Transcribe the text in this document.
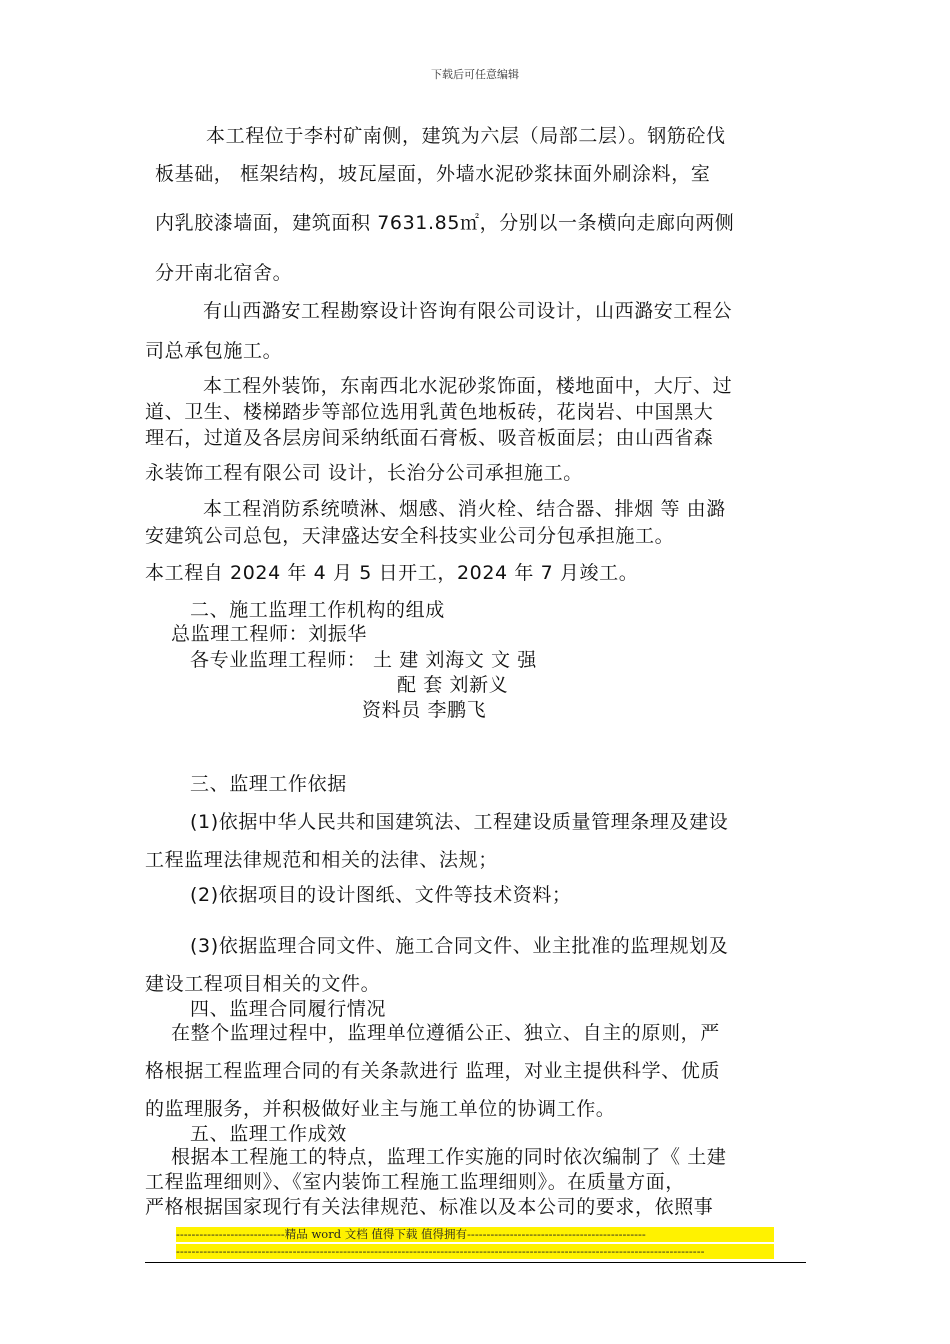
下载后可任意编辑
本工程位于李村矿南侧，建筑为六层（局部二层）。钢筋砼伐
板基础， 框架结构，坡瓦屋面，外墙水泥砂浆抹面外刷涂料，室
内乳胶漆墙面，建筑面积 7631.85㎡，分别以一条横向走廊向两侧
分开南北宿舍。
有山西潞安工程勘察设计咨询有限公司设计，山西潞安工程公
司总承包施工。
本工程外装饰，东南西北水泥砂浆饰面，楼地面中，大厅、过
道、卫生、楼梯踏步等部位选用乳黄色地板砖，花岗岩、中国黑大
理石，过道及各层房间采纳纸面石膏板、吸音板面层；由山西省森
永装饰工程有限公司 设计，长治分公司承担施工。
本工程消防系统喷淋、烟感、消火栓、结合器、排烟 等 由潞
安建筑公司总包，天津盛达安全科技实业公司分包承担施工。
本工程自 2024 年 4 月 5 日开工，2024 年 7 月竣工。
二、施工监理工作机构的组成
总监理工程师：刘振华
各专业监理工程师： 土 建 刘海文 文 强
配 套 刘新义
资料员 李鹏飞
三、监理工作依据
(1)依据中华人民共和国建筑法、工程建设质量管理条理及建设
工程监理法律规范和相关的法律、法规；
(2)依据项目的设计图纸、文件等技术资料；
(3)依据监理合同文件、施工合同文件、业主批准的监理规划及
建设工程项目相关的文件。
四、监理合同履行情况
在整个监理过程中，监理单位遵循公正、独立、自主的原则，严
格根据工程监理合同的有关条款进行 监理，对业主提供科学、优质
的监理服务，并积极做好业主与施工单位的协调工作。
五、监理工作成效
根据本工程施工的特点，监理工作实施的同时依次编制了《 土建
工程监理细则》、《室内装饰工程施工监理细则》。在质量方面，
严格根据国家现行有关法律规范、标准以及本公司的要求，依照事
----------------------------精品 word 文档 值得下载 值得拥有----------------------------------------------
----------------------------------------------------------------------------------------------------------------------------------------
